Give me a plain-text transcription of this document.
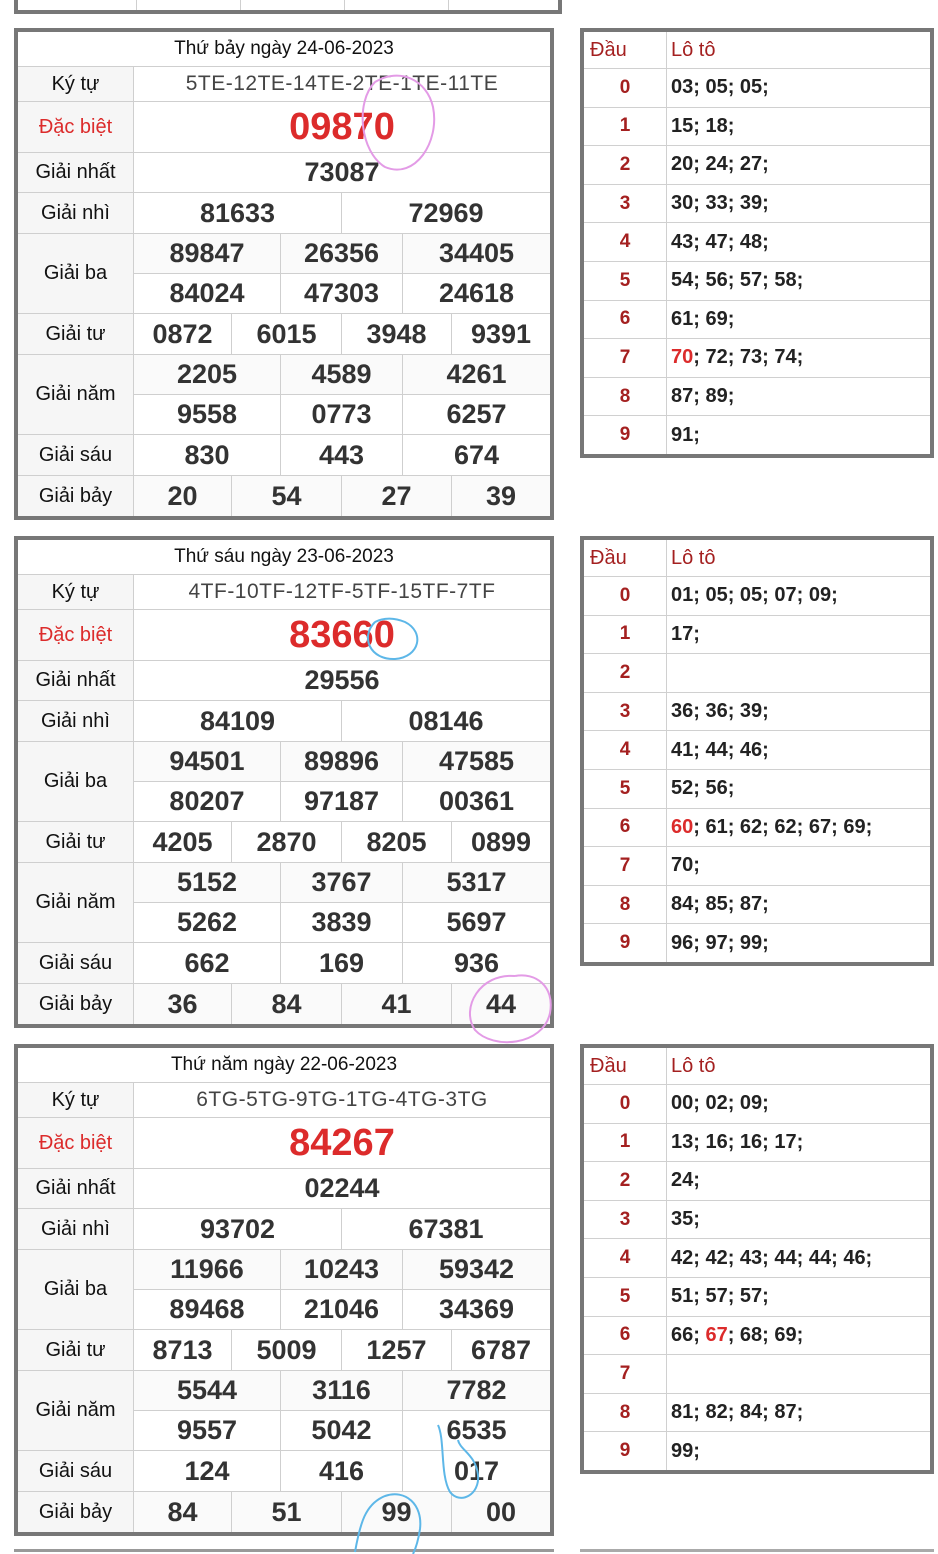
Thứ bảy ngày 24-06-2023						
Ký tự	5TE-12TE-14TE-2TE-1TE-11TE					
Đặc biệt	09870					
Giải nhất	73087					
Giải nhì	81633			72969		
Giải ba	89847		26356		34405	
	84024		47303		24618	
Giải tư	0872	6015		3948		9391
Giải năm	2205		4589		4261	
	9558		0773		6257	
Giải sáu	830		443		674	
Giải bảy	20	54		27		39
Đầu	Lô tô
0	03; 05; 05;
1	15; 18;
2	20; 24; 27;
3	30; 33; 39;
4	43; 47; 48;
5	54; 56; 57; 58;
6	61; 69;
7	70; 72; 73; 74;
8	87; 89;
9	91;
Thứ sáu ngày 23-06-2023						
Ký tự	4TF-10TF-12TF-5TF-15TF-7TF					
Đặc biệt	83660					
Giải nhất	29556					
Giải nhì	84109			08146		
Giải ba	94501		89896		47585	
	80207		97187		00361	
Giải tư	4205	2870		8205		0899
Giải năm	5152		3767		5317	
	5262		3839		5697	
Giải sáu	662		169		936	
Giải bảy	36	84		41		44
Đầu	Lô tô
0	01; 05; 05; 07; 09;
1	17;
2	
3	36; 36; 39;
4	41; 44; 46;
5	52; 56;
6	60; 61; 62; 62; 67; 69;
7	70;
8	84; 85; 87;
9	96; 97; 99;
Thứ năm ngày 22-06-2023						
Ký tự	6TG-5TG-9TG-1TG-4TG-3TG					
Đặc biệt	84267					
Giải nhất	02244					
Giải nhì	93702			67381		
Giải ba	11966		10243		59342	
	89468		21046		34369	
Giải tư	8713	5009		1257		6787
Giải năm	5544		3116		7782	
	9557		5042		6535	
Giải sáu	124		416		017	
Giải bảy	84	51		99		00
Đầu	Lô tô
0	00; 02; 09;
1	13; 16; 16; 17;
2	24;
3	35;
4	42; 42; 43; 44; 44; 46;
5	51; 57; 57;
6	66; 67; 68; 69;
7	
8	81; 82; 84; 87;
9	99;
